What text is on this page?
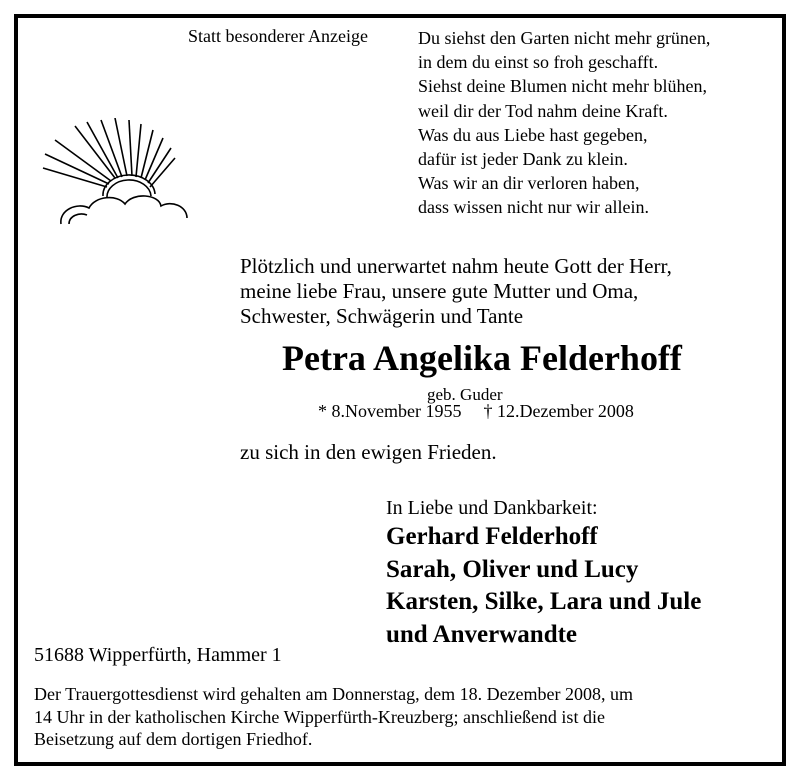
Statt besonderer Anzeige	Du siehst den Garten nicht mehr grünen,
in dem du einst so froh geschafft.
Siehst deine Blumen nicht mehr blühen,
weil dir der Tod nahm deine Kraft.
Was du aus Liebe hast gegeben,
dafür ist jeder Dank zu klein.
Was wir an dir verloren haben,
dass wissen nicht nur wir allein.
Plötzlich und unerwartet nahm heute Gott der Herr,
meine liebe Frau, unsere gute Mutter und Oma,
Schwester, Schwägerin und Tante
Petra Angelika Felderhoff
geb. Guder
* 8.November 1955 † 12.Dezember 2008
zu sich in den ewigen Frieden.
In Liebe und Dankbarkeit:
Gerhard Felderhoff
Sarah, Oliver und Lucy
Karsten, Silke, Lara und Jule
und Anverwandte
51688 Wipperfürth, Hammer 1
Der Trauergottesdienst wird gehalten am Donnerstag, dem 18. Dezember 2008, um
14 Uhr in der katholischen Kirche Wipperfürth-Kreuzberg; anschließend ist die
Beisetzung auf dem dortigen Friedhof.
